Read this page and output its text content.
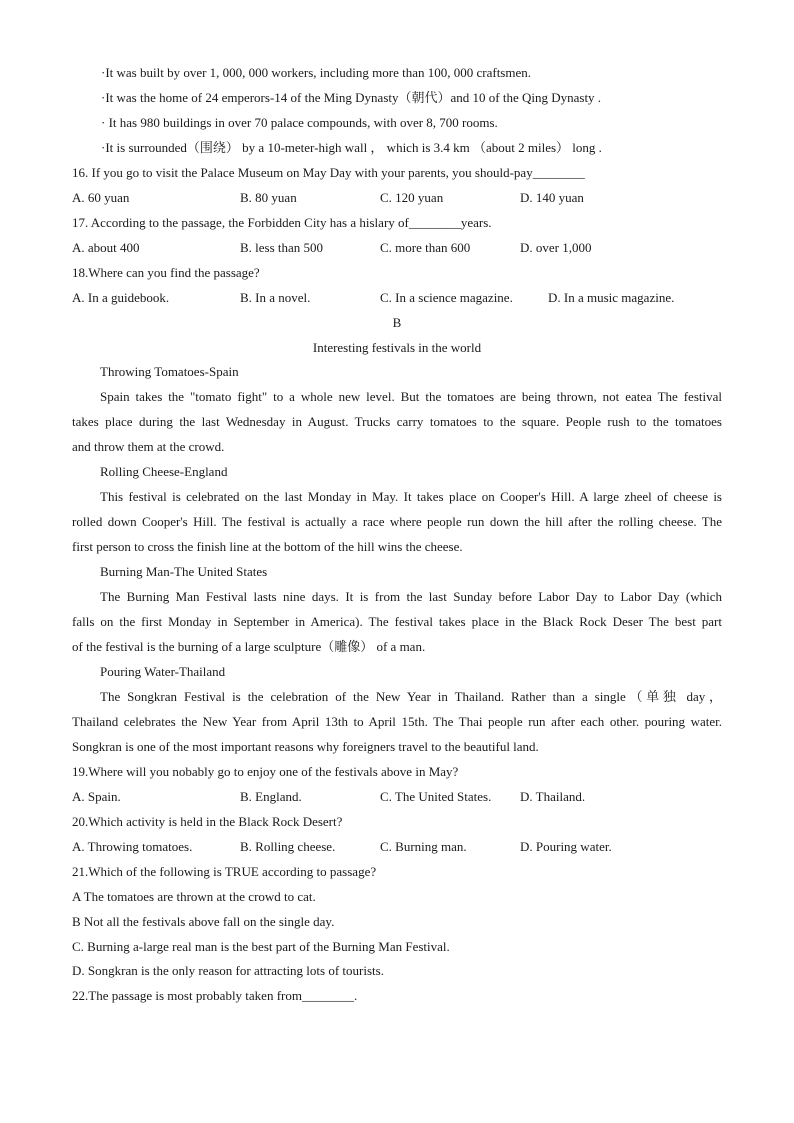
·It was built by over 1, 000, 000 workers, including more than 100, 000 craftsmen.
·It was the home of 24 emperors-14 of the Ming Dynasty（朝代）and 10 of the Qing Dynasty .
· It has 980 buildings in over 70 palace compounds, with over 8, 700 rooms.
·It is surrounded（围绕） by a 10-meter-high wall ， which is 3.4 km （about 2 miles） long .
16. If you go to visit the Palace Museum on May Day with your parents, you should-pay________
A. 60 yuan	B. 80 yuan	C. 120 yuan	D. 140 yuan
17. According to the passage, the Forbidden City has a hislary of________years.
A. about 400	B. less than 500	C. more than 600	D. over 1,000
18.Where can you find the passage?
A. In a guidebook.	B. In a novel.	C. In a science magazine.	D. In a music magazine.
B
Interesting festivals in the world
Throwing Tomatoes-Spain
Spain takes the "tomato fight" to a whole new level. But the tomatoes are being thrown, not eatea The festival
takes place during the last Wednesday in August. Trucks carry tomatoes to the square. People rush to the tomatoes
and throw them at the crowd.
Rolling Cheese-England
This festival is celebrated on the last Monday in May. It takes place on Cooper's Hill. A large zheel of cheese is
rolled down Cooper's Hill. The festival is actually a race where people run down the hill after the rolling cheese. The
first person to cross the finish line at the bottom of the hill wins the cheese.
Burning Man-The United States
The Burning Man Festival lasts nine days. It is from the last Sunday before Labor Day to Labor Day (which
falls on the first Monday in September in America). The festival takes place in the Black Rock Deser The best part
of the festival is the burning of a large sculpture（雕像） of a man.
Pouring Water-Thailand
The Songkran Festival is the celebration of the New Year in Thailand. Rather than a single（单独 day，
Thailand celebrates the New Year from April 13th to April 15th. The Thai people run after each other. pouring water.
Songkran is one of the most important reasons why foreigners travel to the beautiful land.
19.Where will you nobably go to enjoy one of the festivals above in May?
A. Spain.	B. England.	C. The United States. D. Thailand.
20.Which activity is held in the Black Rock Desert?
A. Throwing tomatoes.	B. Rolling cheese.	C. Burning man.	D. Pouring water.
21.Which of the following is TRUE according to passage?
A The tomatoes are thrown at the crowd to cat.
B Not all the festivals above fall on the single day.
C. Burning a-large real man is the best part of the Burning Man Festival.
D. Songkran is the only reason for attracting lots of tourists.
22.The passage is most probably taken from________.
